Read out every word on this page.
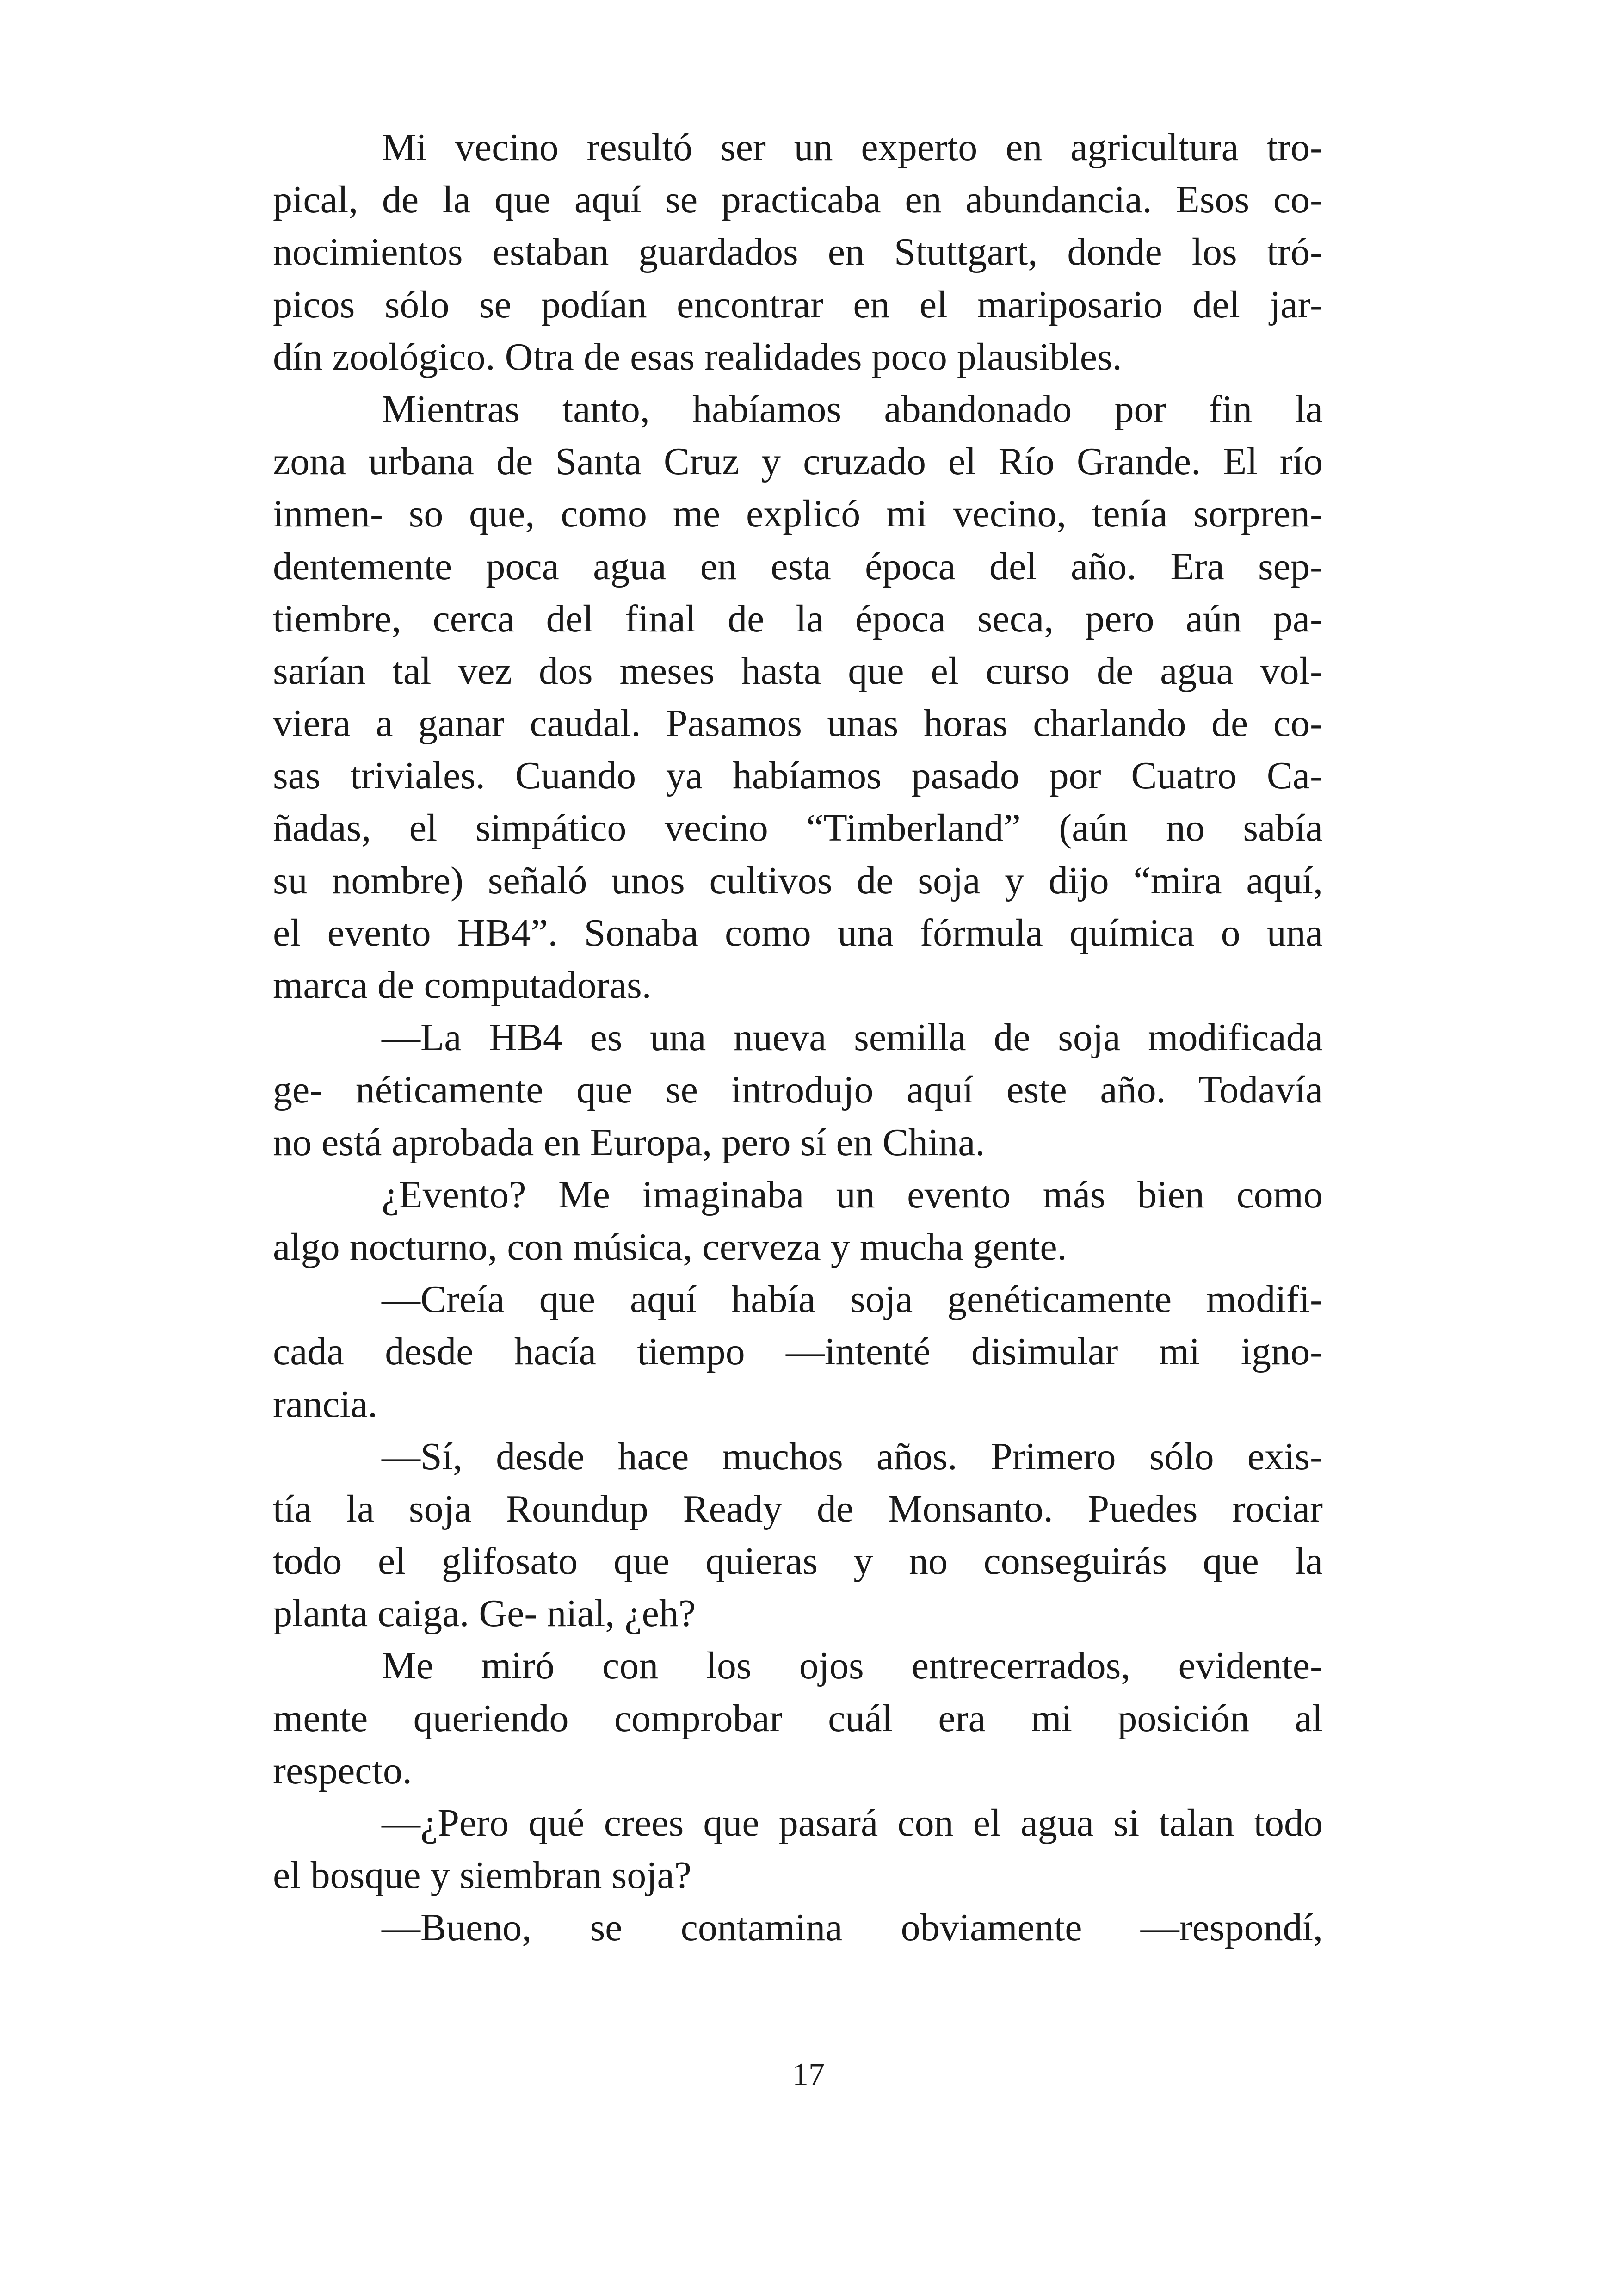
Mi vecino resultó ser un experto en agricultura tro-
pical, de la que aquí se practicaba en abundancia. Esos co-
nocimientos estaban guardados en Stuttgart, donde los tró-
picos sólo se podían encontrar en el mariposario del jar-
dín zoológico. Otra de esas realidades poco plausibles.
Mientras tanto, habíamos abandonado por fin la
zona urbana de Santa Cruz y cruzado el Río Grande. El río
inmen- so que, como me explicó mi vecino, tenía sorpren-
dentemente poca agua en esta época del año. Era sep-
tiembre, cerca del final de la época seca, pero aún pa-
sarían tal vez dos meses hasta que el curso de agua vol-
viera a ganar caudal. Pasamos unas horas charlando de co-
sas triviales. Cuando ya habíamos pasado por Cuatro Ca-
ñadas, el simpático vecino “Timberland” (aún no sabía
su nombre) señaló unos cultivos de soja y dijo “mira aquí,
el evento HB4”. Sonaba como una fórmula química o una
marca de computadoras.
—La HB4 es una nueva semilla de soja modificada
ge- néticamente que se introdujo aquí este año. Todavía
no está aprobada en Europa, pero sí en China.
¿Evento? Me imaginaba un evento más bien como
algo nocturno, con música, cerveza y mucha gente.
—Creía que aquí había soja genéticamente modifi-
cada desde hacía tiempo —intenté disimular mi igno-
rancia.
—Sí, desde hace muchos años. Primero sólo exis-
tía la soja Roundup Ready de Monsanto. Puedes rociar
todo el glifosato que quieras y no conseguirás que la
planta caiga. Ge- nial, ¿eh?
Me miró con los ojos entrecerrados, evidente-
mente queriendo comprobar cuál era mi posición al
respecto.
—¿Pero qué crees que pasará con el agua si talan todo
el bosque y siembran soja?
—Bueno, se contamina obviamente —respondí,
17
